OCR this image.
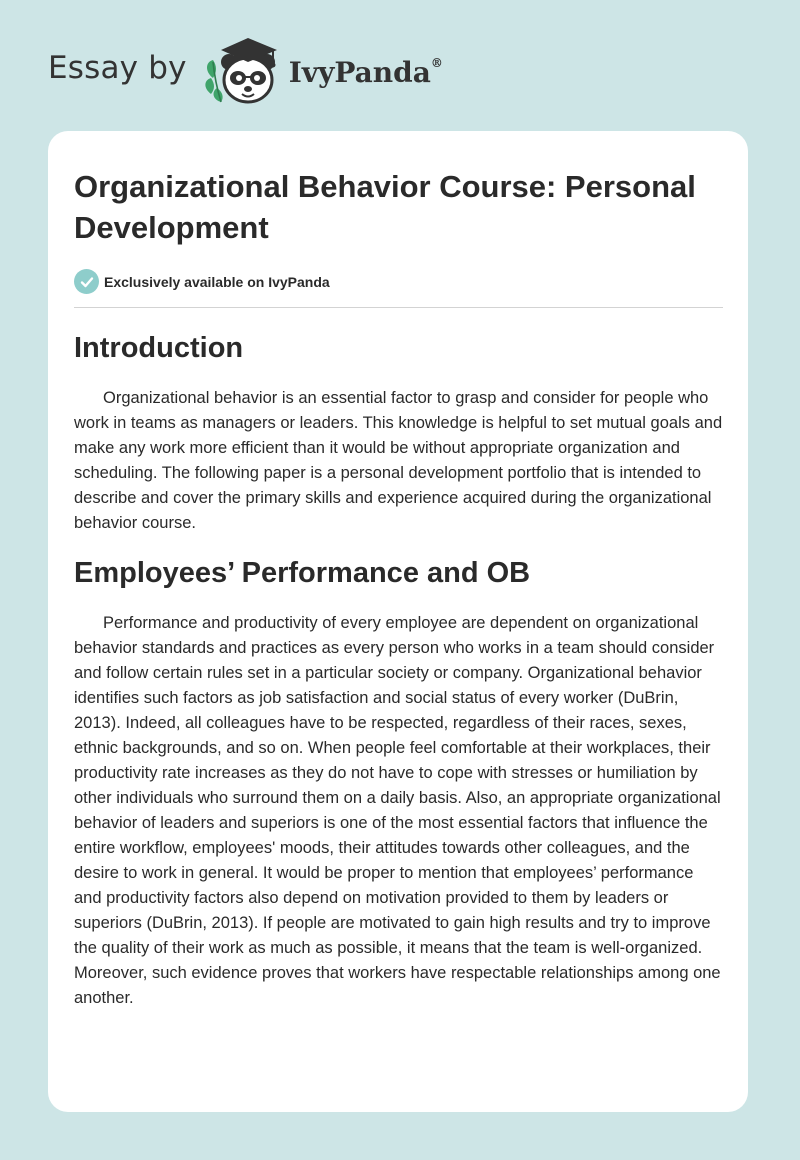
Essay by	IvyPanda®
Organizational Behavior Course: Personal Development
Exclusively available on IvyPanda
Introduction

Organizational behavior is an essential factor to grasp and consider for people who work in teams as managers or leaders. This knowledge is helpful to set mutual goals and make any work more efficient than it would be without appropriate organization and scheduling. The following paper is a personal development portfolio that is intended to describe and cover the primary skills and experience acquired during the organizational behavior course.

Employees’ Performance and OB

Performance and productivity of every employee are dependent on organizational behavior standards and practices as every person who works in a team should consider and follow certain rules set in a particular society or company. Organizational behavior identifies such factors as job satisfaction and social status of every worker (DuBrin, 2013). Indeed, all colleagues have to be respected, regardless of their races, sexes, ethnic backgrounds, and so on. When people feel comfortable at their workplaces, their productivity rate increases as they do not have to cope with stresses or humiliation by other individuals who surround them on a daily basis. Also, an appropriate organizational behavior of leaders and superiors is one of the most essential factors that influence the entire workflow, employees' moods, their attitudes towards other colleagues, and the desire to work in general. It would be proper to mention that employees’ performance and productivity factors also depend on motivation provided to them by leaders or superiors (DuBrin, 2013). If people are motivated to gain high results and try to improve the quality of their work as much as possible, it means that the team is well-organized. Moreover, such evidence proves that workers have respectable relationships among one another.
